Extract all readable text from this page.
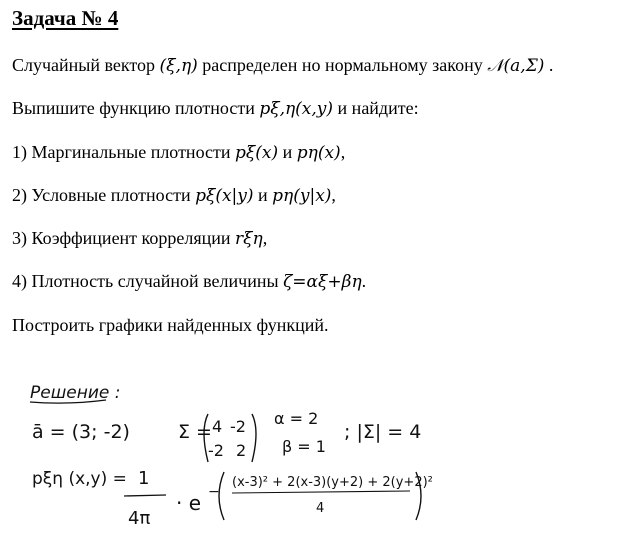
Задача № 4
Случайный вектор (ξ,η) распределен но нормальному закону 𝒩(a,Σ) .
Выпишите функцию плотности pξ,η(x,y) и найдите:
1) Маргинальные плотности pξ(x) и pη(x),
2) Условные плотности pξ(x|y) и pη(y|x),
3) Коэффициент корреляции rξη,
4) Плотность случайной величины ζ=αξ+βη.
Построить графики найденных функций.
Решение :
ā = (3; -2)	Σ = 4 -2
-2 2
α = 2
β = 1
; |Σ| = 4
pξη (x,y) = 1
4π
· e −
(x-3)² + 2(x-3)(y+2) + 2(y+2)²
4
